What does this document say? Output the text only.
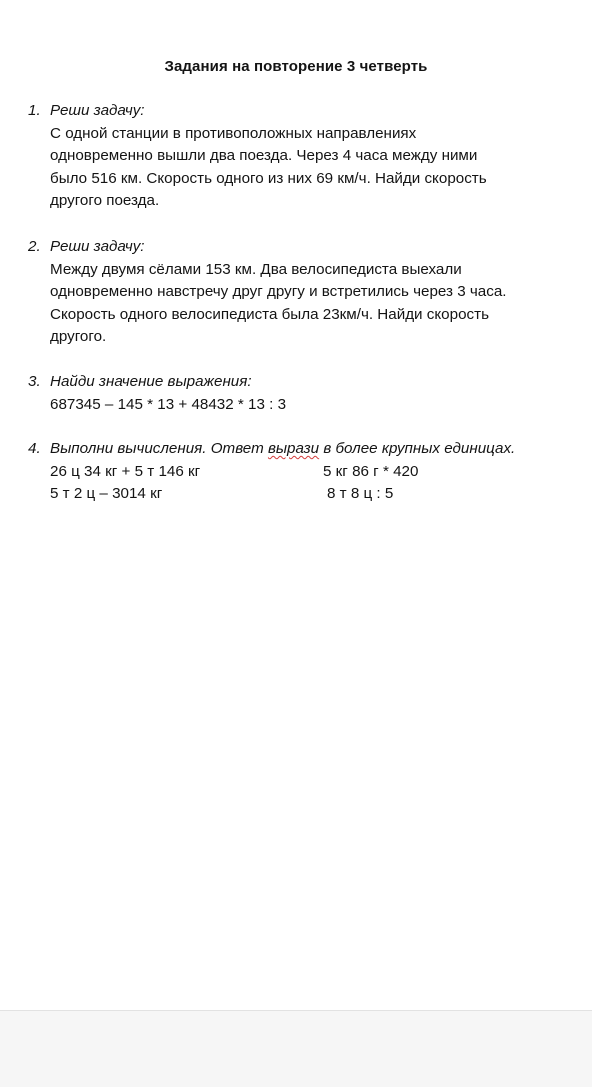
Задания на повторение 3 четверть
1. Реши задачу:
С одной станции в противоположных направлениях
одновременно вышли два поезда. Через 4 часа между ними
было 516 км. Скорость одного из них 69 км/ч. Найди скорость
другого поезда.
2. Реши задачу:
Между двумя сёлами 153 км. Два велосипедиста выехали
одновременно навстречу друг другу и встретились через 3 часа.
Скорость одного велосипедиста была 23км/ч. Найди скорость
другого.
3. Найди значение выражения:
687345 – 145 * 13 + 48432 * 13 : 3
4. Выполни вычисления. Ответ вырази в более крупных единицах.
26 ц 34 кг + 5 т 146 кг	5 кг 86 г * 420
5 т 2 ц – 3014 кг	8 т 8 ц : 5
